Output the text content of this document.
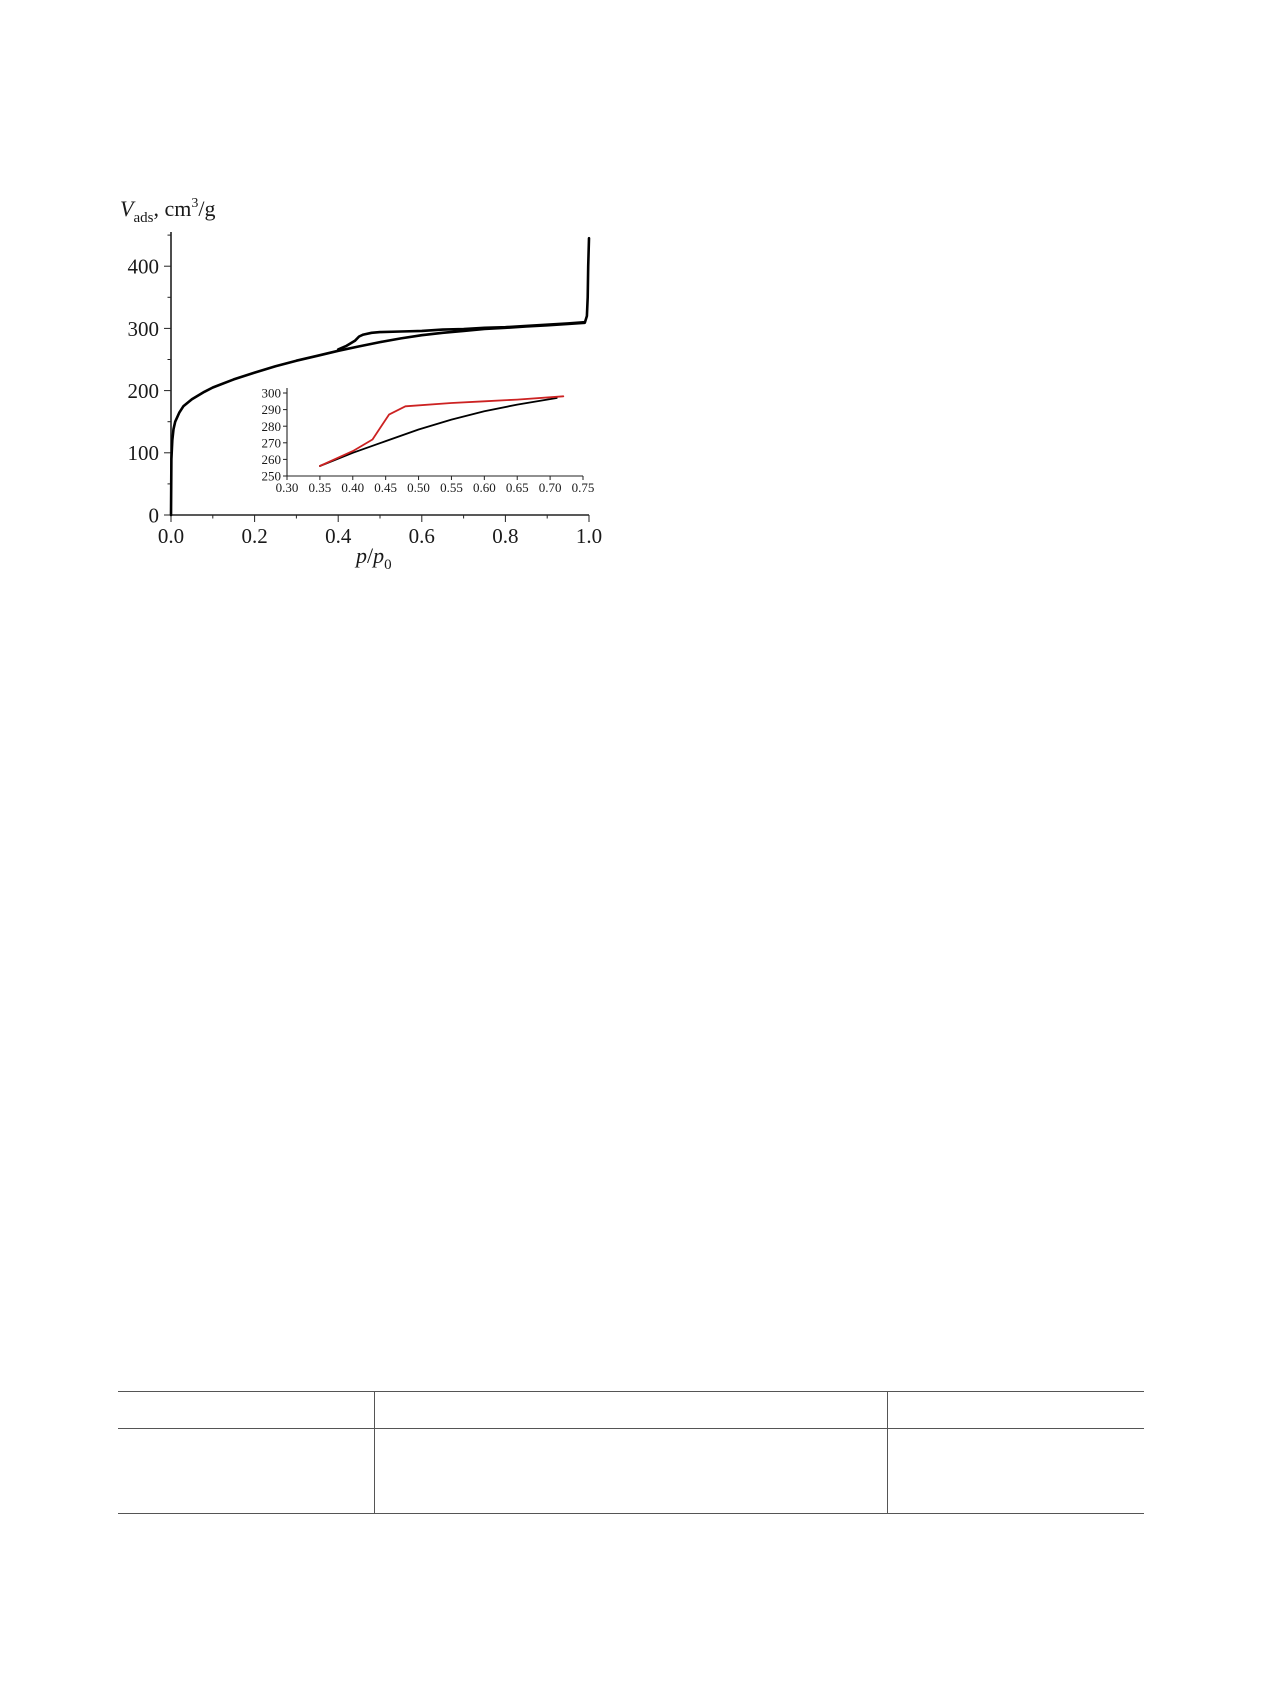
$V_{ads}$, $cm^3/g$
$p/p_0$
0.0	0.2	0.4	0.6	0.8	1.0
0
100
200
300
400
0.30 0.35 0.40 0.45 0.50 0.55 0.60 0.65 0.70 0.75
250
260
270
280
290
300
